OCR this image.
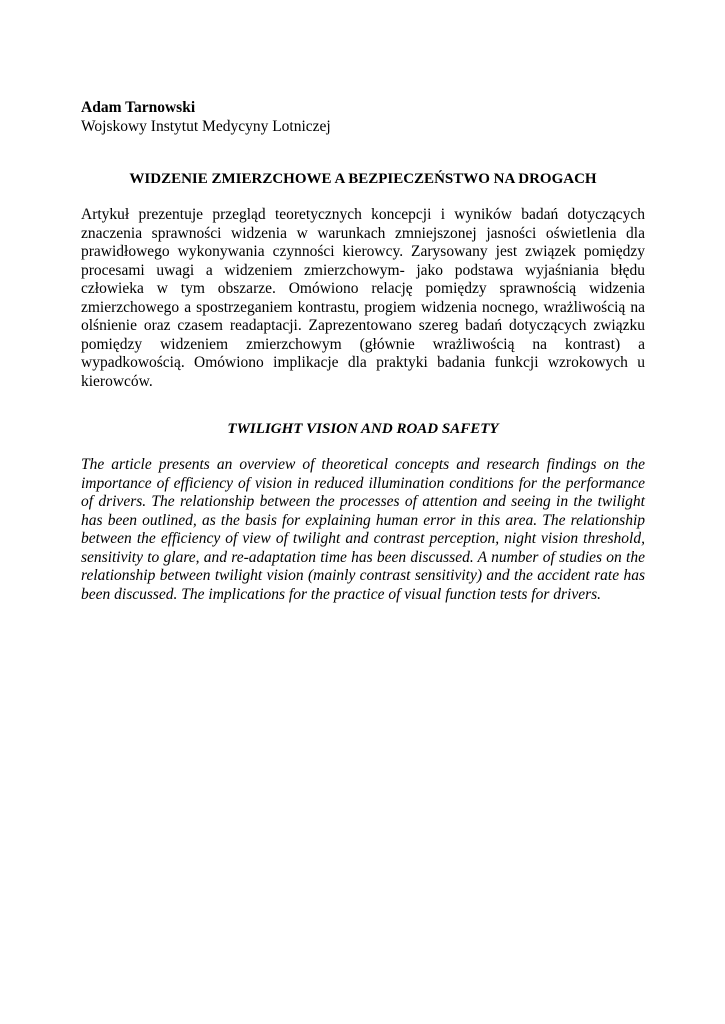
Adam Tarnowski
Wojskowy Instytut Medycyny Lotniczej
WIDZENIE ZMIERZCHOWE A BEZPIECZEŃSTWO NA DROGACH

Artykuł prezentuje przegląd teoretycznych koncepcji i wyników badań dotyczących znaczenia sprawności widzenia w warunkach zmniejszonej jasności oświetlenia dla prawidłowego wykonywania czynności kierowcy. Zarysowany jest związek pomiędzy procesami uwagi a widzeniem zmierzchowym- jako podstawa wyjaśniania błędu człowieka w tym obszarze. Omówiono relację pomiędzy sprawnością widzenia zmierzchowego a spostrzeganiem kontrastu, progiem widzenia nocnego, wrażliwością na olśnienie oraz czasem readaptacji. Zaprezentowano szereg badań dotyczących związku pomiędzy widzeniem zmierzchowym (głównie wrażliwością na kontrast) a wypadkowością. Omówiono implikacje dla praktyki badania funkcji wzrokowych u kierowców.

TWILIGHT VISION AND ROAD SAFETY

The article presents an overview of theoretical concepts and research findings on the importance of efficiency of vision in reduced illumination conditions for the performance of drivers. The relationship between the processes of attention and seeing in the twilight has been outlined, as the basis for explaining human error in this area. The relationship between the efficiency of view of twilight and contrast perception, night vision threshold, sensitivity to glare, and re-adaptation time has been discussed. A number of studies on the relationship between twilight vision (mainly contrast sensitivity) and the accident rate has been discussed. The implications for the practice of visual function tests for drivers.
